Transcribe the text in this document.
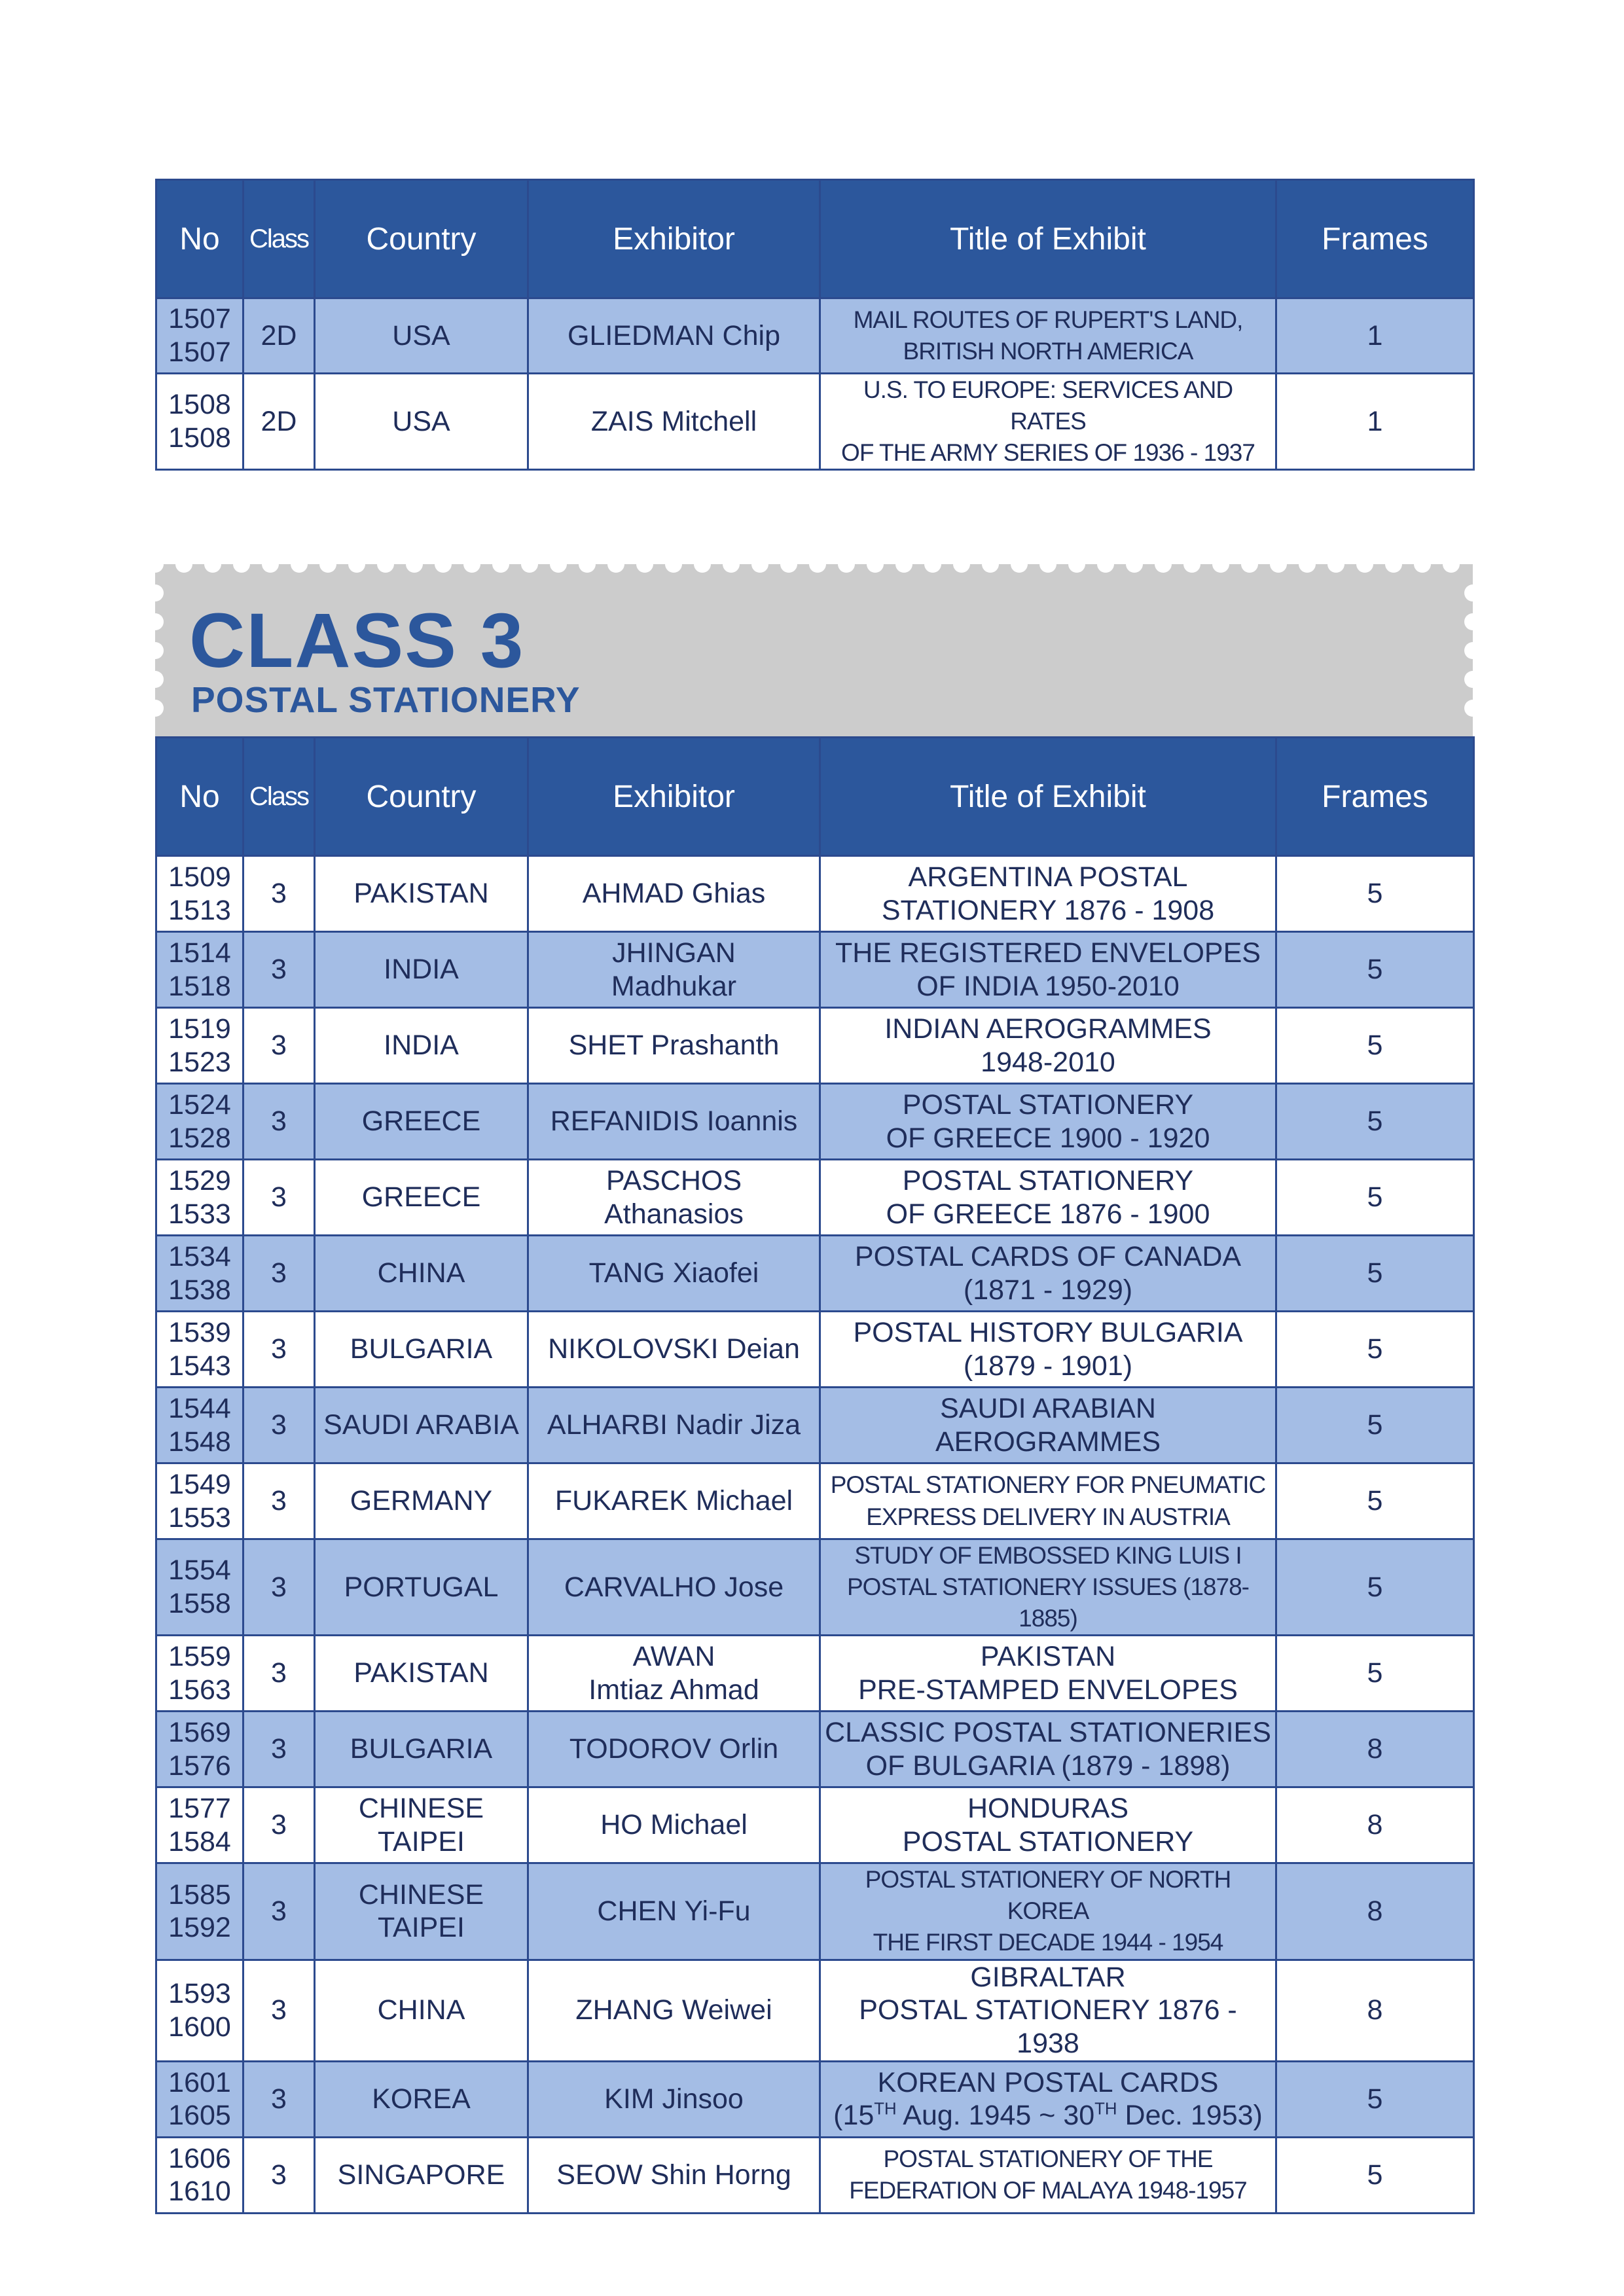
No	Class	Country	Exhibitor	Title of Exhibit	Frames

1507
1507	2D	USA	GLIEDMAN Chip	MAIL ROUTES OF RUPERT'S LAND,
BRITISH NORTH AMERICA	1

1508
1508	2D	USA	ZAIS Mitchell	U.S. TO EUROPE: SERVICES AND RATES
OF THE ARMY SERIES OF 1936 - 1937	1
CLASS 3
POSTAL STATIONERY
No	Class	Country	Exhibitor	Title of Exhibit	Frames

1509
1513	3	PAKISTAN	AHMAD Ghias	ARGENTINA POSTAL
STATIONERY 1876 - 1908	5

1514
1518	3	INDIA	JHINGAN
Madhukar	THE REGISTERED ENVELOPES
OF INDIA 1950-2010	5

1519
1523	3	INDIA	SHET Prashanth	INDIAN AEROGRAMMES
1948-2010	5

1524
1528	3	GREECE	REFANIDIS Ioannis	POSTAL STATIONERY
OF GREECE 1900 - 1920	5

1529
1533	3	GREECE	PASCHOS
Athanasios	POSTAL STATIONERY
OF GREECE 1876 - 1900	5

1534
1538	3	CHINA	TANG Xiaofei	POSTAL CARDS OF CANADA
(1871 - 1929)	5

1539
1543	3	BULGARIA	NIKOLOVSKI Deian	POSTAL HISTORY BULGARIA
(1879 - 1901)	5

1544
1548	3	SAUDI ARABIA	ALHARBI Nadir Jiza	SAUDI ARABIAN
AEROGRAMMES	5

1549
1553	3	GERMANY	FUKAREK Michael	POSTAL STATIONERY FOR PNEUMATIC
EXPRESS DELIVERY IN AUSTRIA	5

1554
1558	3	PORTUGAL	CARVALHO Jose	STUDY OF EMBOSSED KING LUIS I
POSTAL STATIONERY ISSUES (1878-1885)	5

1559
1563	3	PAKISTAN	AWAN
Imtiaz Ahmad	PAKISTAN
PRE-STAMPED ENVELOPES	5

1569
1576	3	BULGARIA	TODOROV Orlin	CLASSIC POSTAL STATIONERIES
OF BULGARIA (1879 - 1898)	8

1577
1584	3	CHINESE
TAIPEI	HO Michael	HONDURAS
POSTAL STATIONERY	8

1585
1592	3	CHINESE
TAIPEI	CHEN Yi-Fu	POSTAL STATIONERY OF NORTH KOREA
THE FIRST DECADE 1944 - 1954	8

1593
1600	3	CHINA	ZHANG Weiwei	GIBRALTAR
POSTAL STATIONERY 1876 - 1938	8

1601
1605	3	KOREA	KIM Jinsoo	KOREAN POSTAL CARDS
(15TH Aug. 1945 ~ 30TH Dec. 1953)	5

1606
1610	3	SINGAPORE	SEOW Shin Horng	POSTAL STATIONERY OF THE
FEDERATION OF MALAYA 1948-1957	5
